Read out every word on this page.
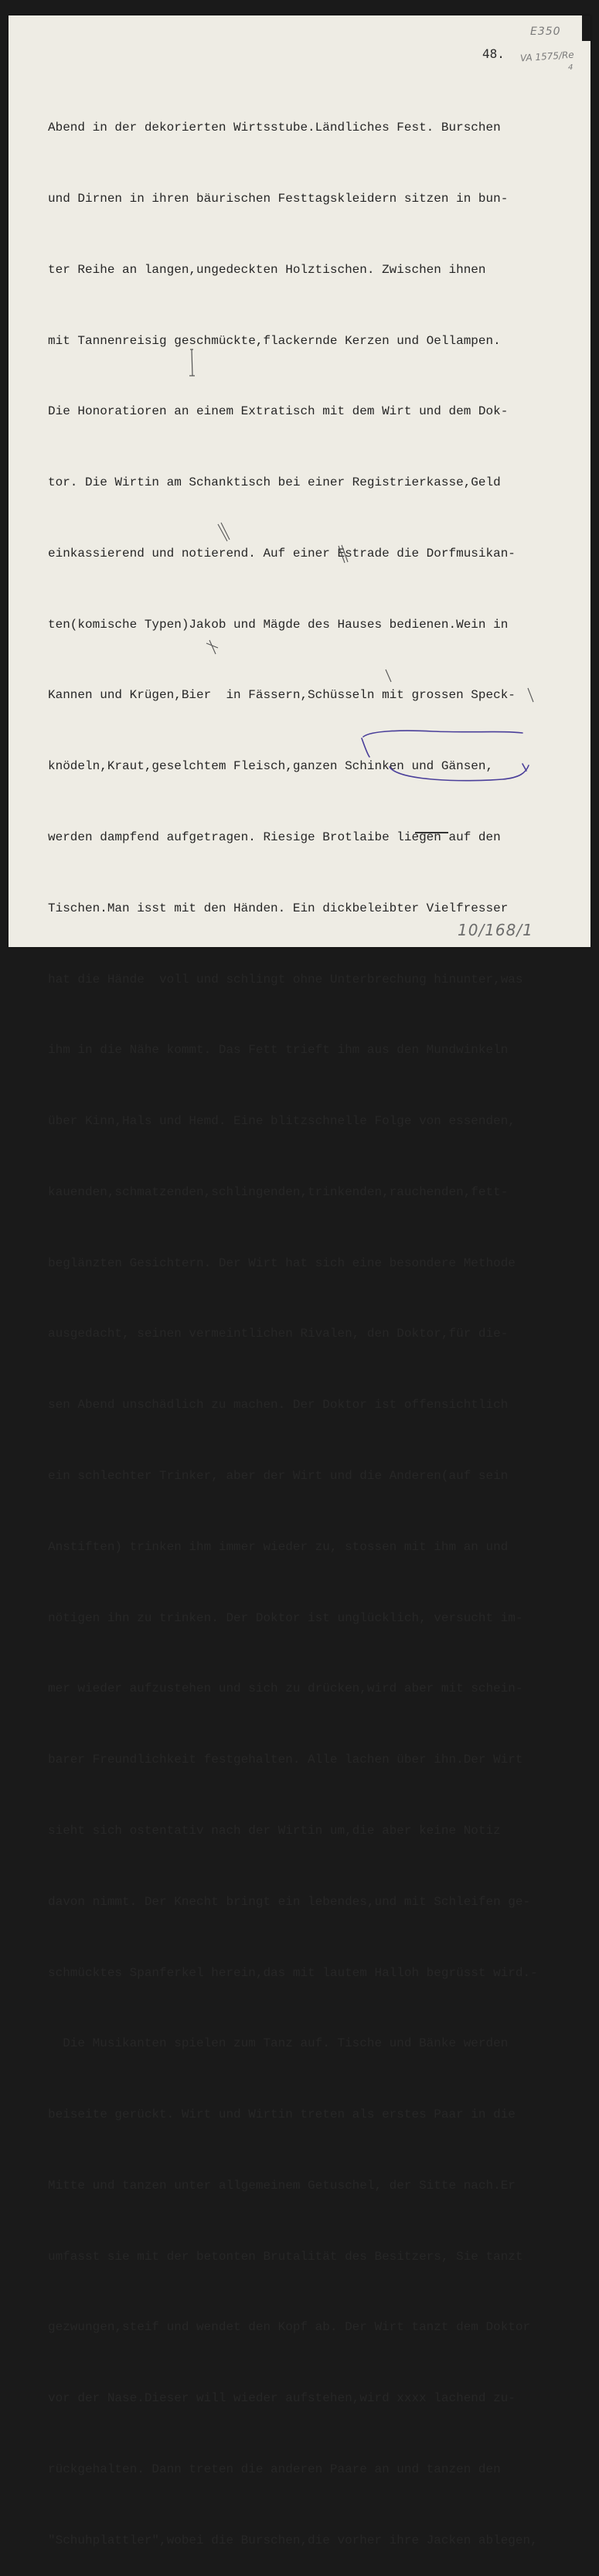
E350
48. VA 1575/Re
4

Abend in der dekorierten Wirtsstube.Ländliches Fest. Burschen

und Dirnen in ihren bäurischen Festtagskleidern sitzen in bun-

ter Reihe an langen,ungedeckten Holztischen. Zwischen ihnen

mit Tannenreisig geschmückte,flackernde Kerzen und Oellampen.

Die Honoratioren an einem Extratisch mit dem Wirt und dem Dok-

tor. Die Wirtin am Schanktisch bei einer Registrierkasse,Geld

einkassierend und notierend. Auf einer Estrade die Dorfmusikan-

ten(komische Typen)Jakob und Mägde des Hauses bedienen.Wein in

Kannen und Krügen,Bier  in Fässern,Schüsseln mit grossen Speck-

knödeln,Kraut,geselchtem Fleisch,ganzen Schinken und Gänsen,

werden dampfend aufgetragen. Riesige Brotlaibe liegen auf den

Tischen.Man isst mit den Händen. Ein dickbeleibter Vielfresser

hat die Hände  voll und schlingt ohne Unterbrechung hinunter,was

ihm in die Nähe kommt. Das Fett trieft ihm aus den Mundwinkeln

über Kinn,Hals und Hemd. Eine blitzschnelle Folge von essenden,

kauenden,schmatzenden,schlingenden,trinkenden,rauchenden,fett-

beglänzten Gesichtern. Der Wirt hat sich eine besondere Methode

ausgedacht, seinen vermeintlichen Rivalen, den Doktor,für die-

sen Abend unschädlich zu machen. Der Doktor ist offensichtlich

ein schlechter Trinker, aber der Wirt und die Anderen(auf sein

Anstiften) trinken ihm immer wieder zu, stossen mit ihm an und

nötigen ihn zu trinken. Der Doktor ist unglücklich, versucht im-

mer wieder aufzustehen und sich zu drücken,wird aber mit schein-

barer Freundlichkeit festgehalten. Alle lachen über ihn.Der Wirt

sieht sich ostentativ nach der Wirtin um,die aber keine Notiz

davon nimmt. Der Knecht bringt ein lebendes,und mit Schleifen ge-

schmücktes Spanferkel herein,das mit lautem Halloh begrüsst wird.-

Die Musikanten spielen zum Tanz auf. Tische und Bänke werden

beiseite gerückt. Wirt und Wirtin treten als erstes Paar in die

Mitte und tanzen unter allgemeinem Getuschel, der Sitte nach.Er

umfasst sie mit der betonten Brutalität des Besitzers, Sie tanzt

gezwungen,steif und wendet den Kopf ab. Der Wirt tanzt dem Doktor

vor der Nase.Dieser will wieder aufstehen,wird xxxx lachend zu-

rückgehalten. Dann treten die anderen Paare an und tanzen den

"Schuhplattler",wobei die Burschen,die vorher ihre Jacken ablegen,

10/168/1
